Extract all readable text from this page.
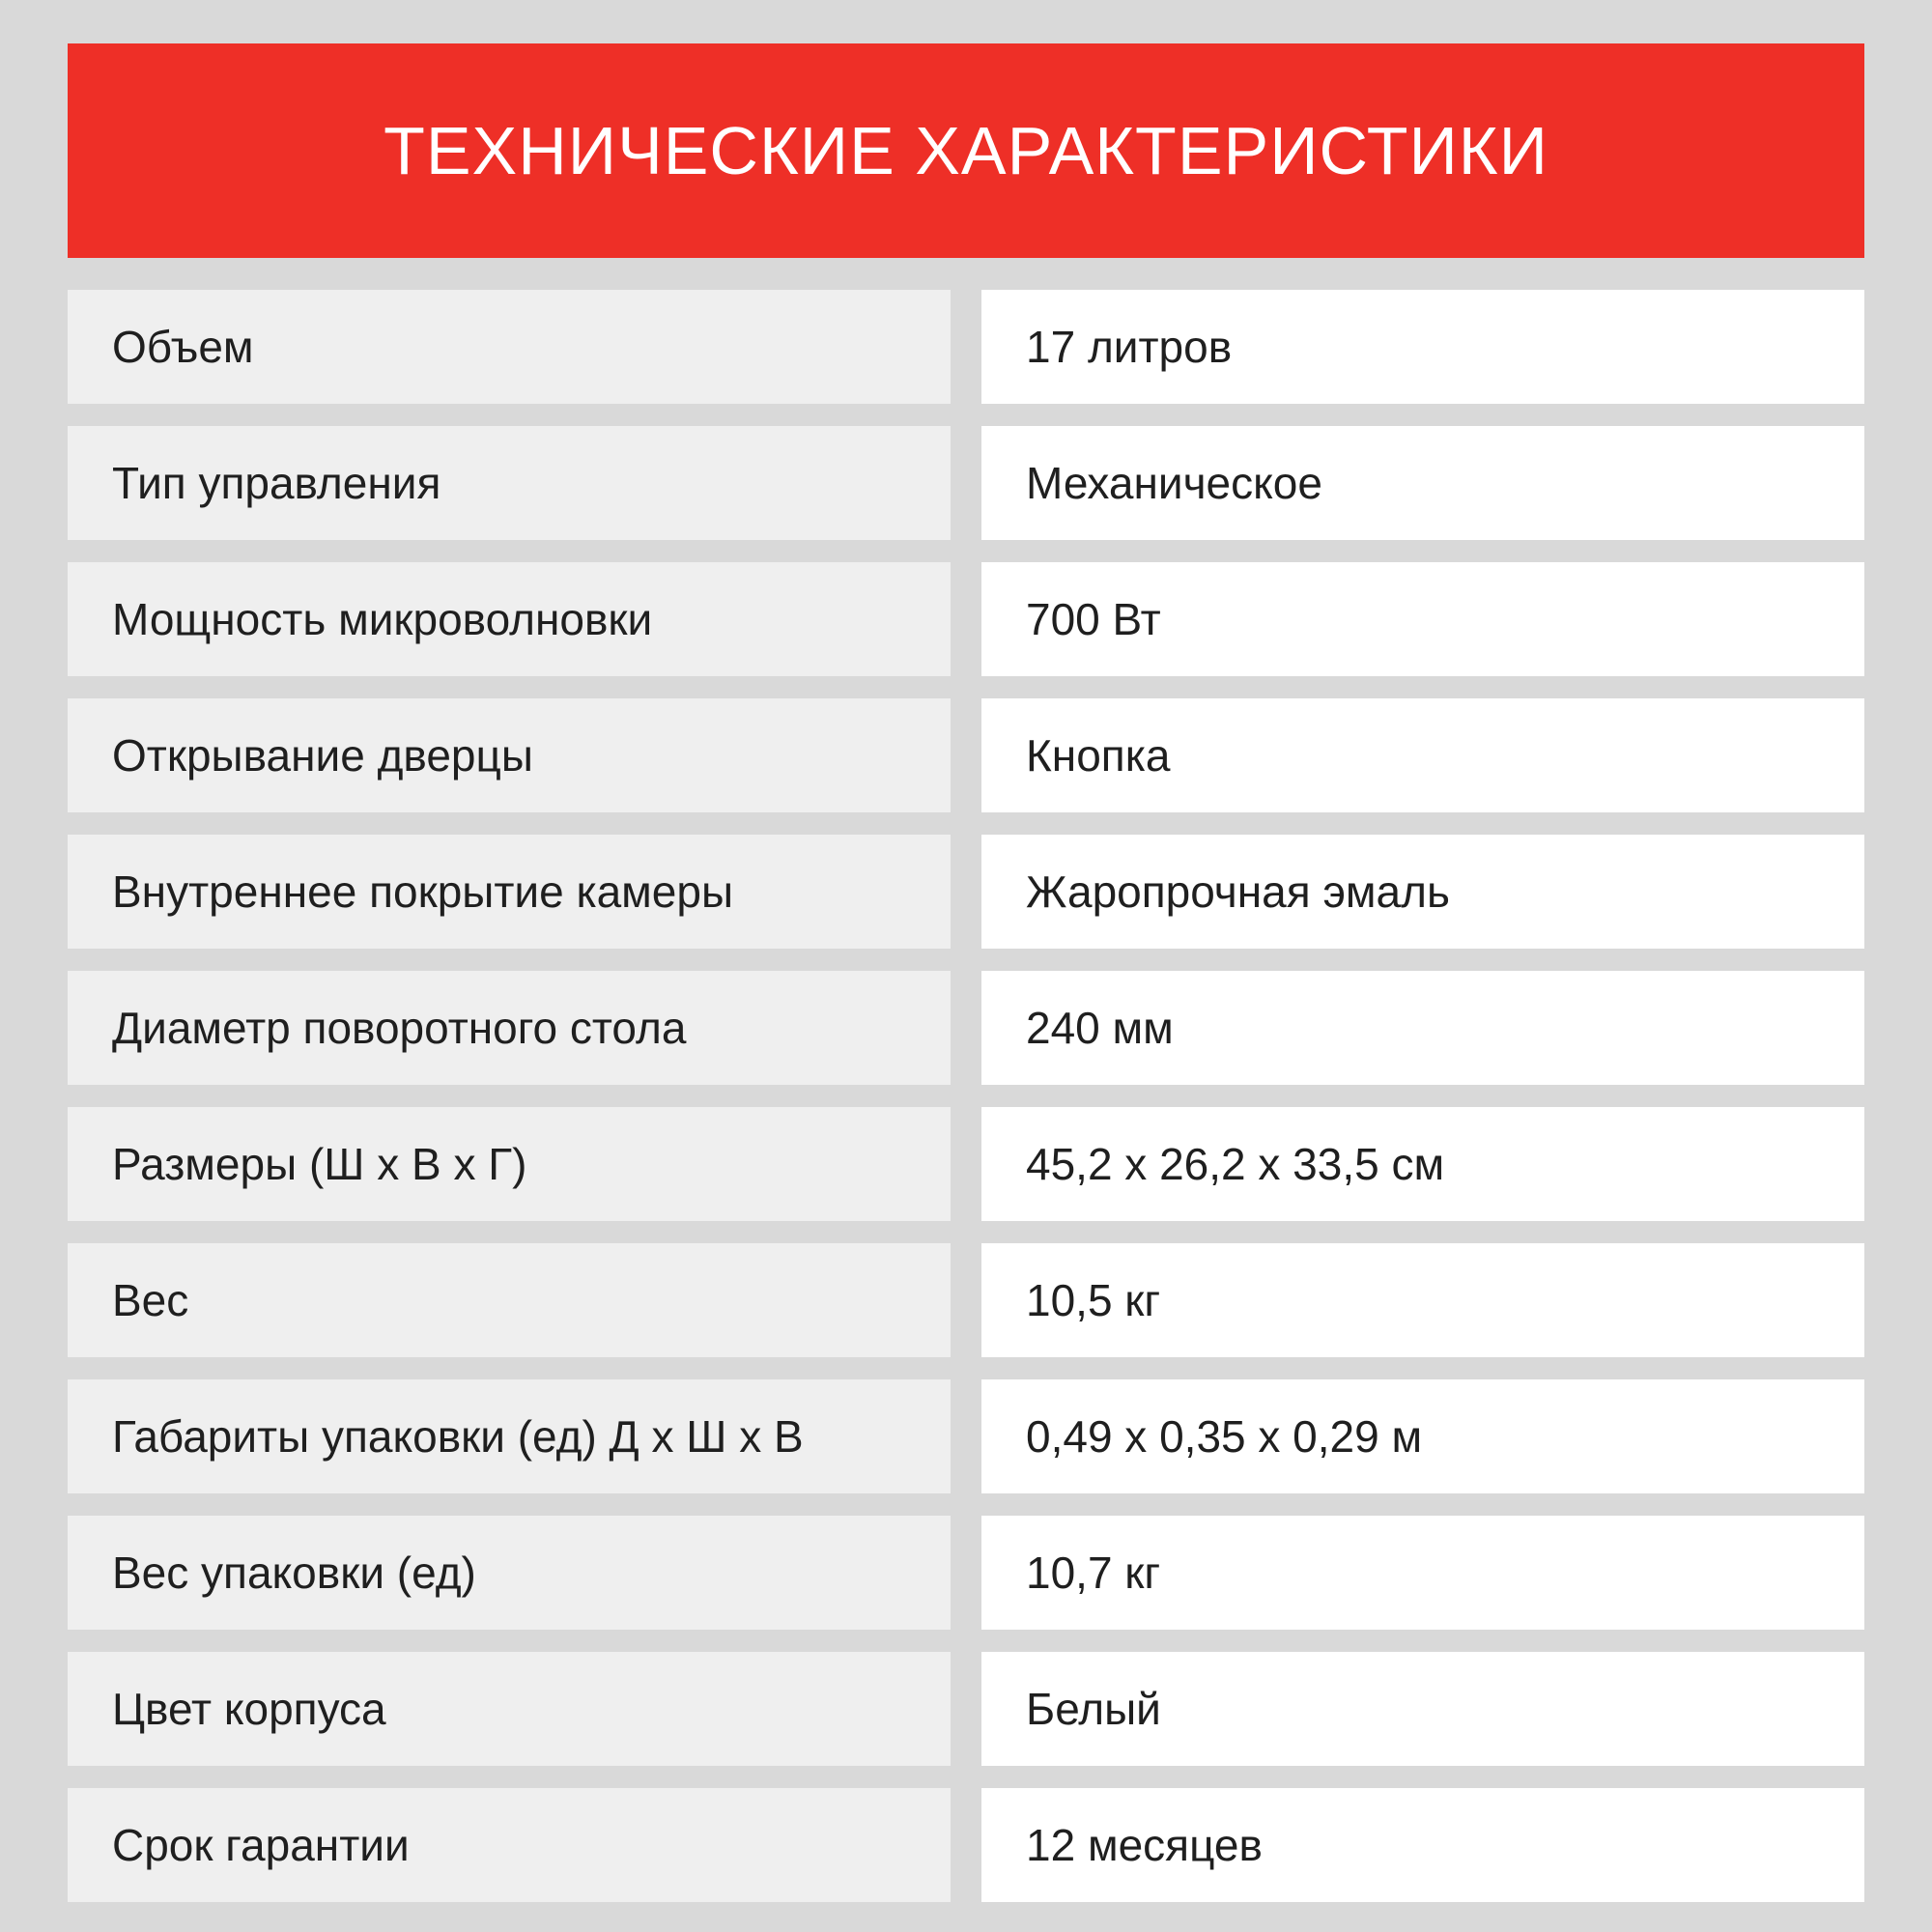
ТЕХНИЧЕСКИЕ ХАРАКТЕРИСТИКИ
Объем	17 литров
Тип управления	Механическое
Мощность микроволновки	700 Вт
Открывание дверцы	Кнопка
Внутреннее покрытие камеры	Жаропрочная эмаль
Диаметр поворотного стола	240 мм
Размеры (Ш х В х Г)	45,2 х 26,2 х 33,5 см
Вес	10,5 кг
Габариты упаковки (ед) Д х Ш х В	0,49 х 0,35 х 0,29 м
Вес упаковки (ед)	10,7 кг
Цвет корпуса	Белый
Срок гарантии	12 месяцев
